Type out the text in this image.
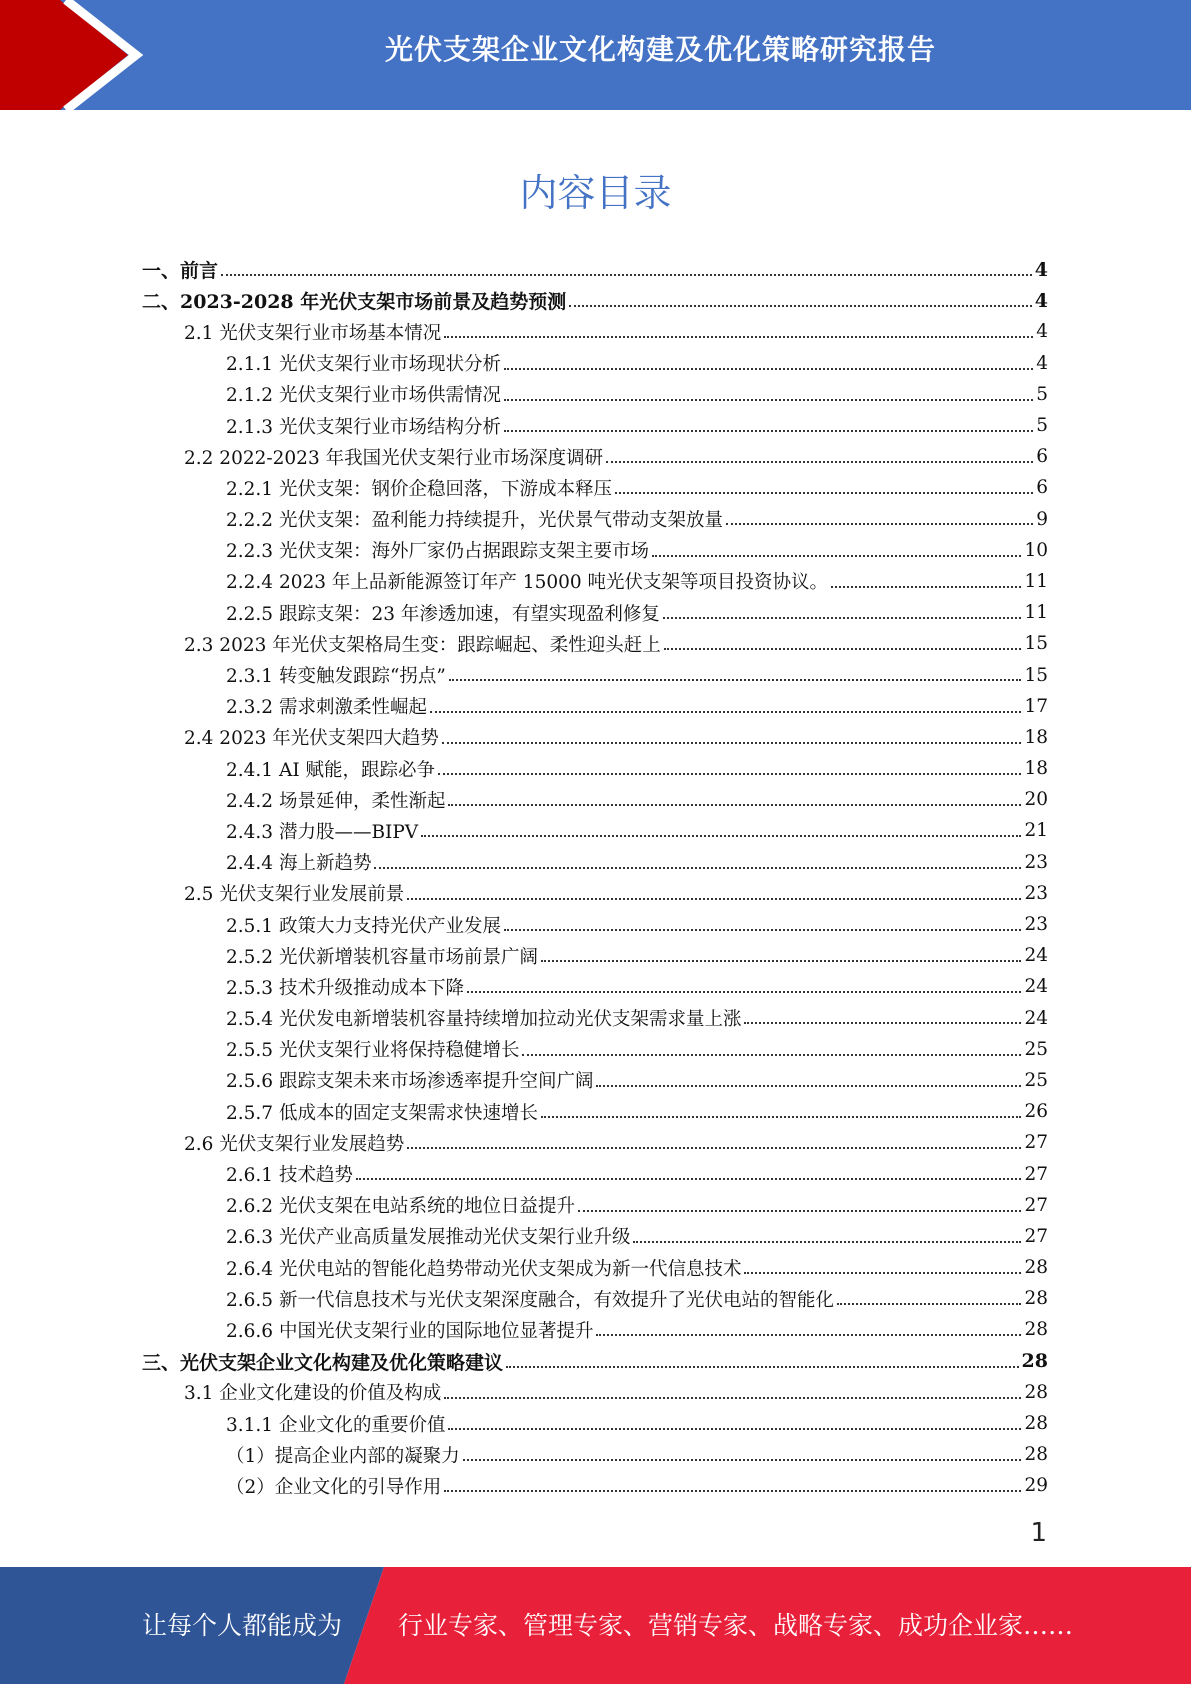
光伏支架企业文化构建及优化策略研究报告
内容目录
一、前言	4
二、2023-2028 年光伏支架市场前景及趋势预测	4
2.1 光伏支架行业市场基本情况	4
2.1.1 光伏支架行业市场现状分析	4
2.1.2 光伏支架行业市场供需情况	5
2.1.3 光伏支架行业市场结构分析	5
2.2 2022-2023 年我国光伏支架行业市场深度调研	6
2.2.1 光伏支架：钢价企稳回落，下游成本释压	6
2.2.2 光伏支架：盈利能力持续提升，光伏景气带动支架放量	9
2.2.3 光伏支架：海外厂家仍占据跟踪支架主要市场	10
2.2.4 2023 年上品新能源签订年产 15000 吨光伏支架等项目投资协议。	11
2.2.5 跟踪支架：23 年渗透加速，有望实现盈利修复	11
2.3 2023 年光伏支架格局生变：跟踪崛起、柔性迎头赶上	15
2.3.1 转变触发跟踪“拐点”	15
2.3.2 需求刺激柔性崛起	17
2.4 2023 年光伏支架四大趋势	18
2.4.1 AI 赋能，跟踪必争	18
2.4.2 场景延伸，柔性渐起	20
2.4.3 潜力股——BIPV	21
2.4.4 海上新趋势	23
2.5 光伏支架行业发展前景	23
2.5.1 政策大力支持光伏产业发展	23
2.5.2 光伏新增装机容量市场前景广阔	24
2.5.3 技术升级推动成本下降	24
2.5.4 光伏发电新增装机容量持续增加拉动光伏支架需求量上涨	24
2.5.5 光伏支架行业将保持稳健增长	25
2.5.6 跟踪支架未来市场渗透率提升空间广阔	25
2.5.7 低成本的固定支架需求快速增长	26
2.6 光伏支架行业发展趋势	27
2.6.1 技术趋势	27
2.6.2 光伏支架在电站系统的地位日益提升	27
2.6.3 光伏产业高质量发展推动光伏支架行业升级	27
2.6.4 光伏电站的智能化趋势带动光伏支架成为新一代信息技术	28
2.6.5 新一代信息技术与光伏支架深度融合，有效提升了光伏电站的智能化	28
2.6.6 中国光伏支架行业的国际地位显著提升	28
三、光伏支架企业文化构建及优化策略建议	28
3.1 企业文化建设的价值及构成	28
3.1.1 企业文化的重要价值	28
（1）提高企业内部的凝聚力	28
（2）企业文化的引导作用	29
1
让每个人都能成为 行业专家、管理专家、营销专家、战略专家、成功企业家……
